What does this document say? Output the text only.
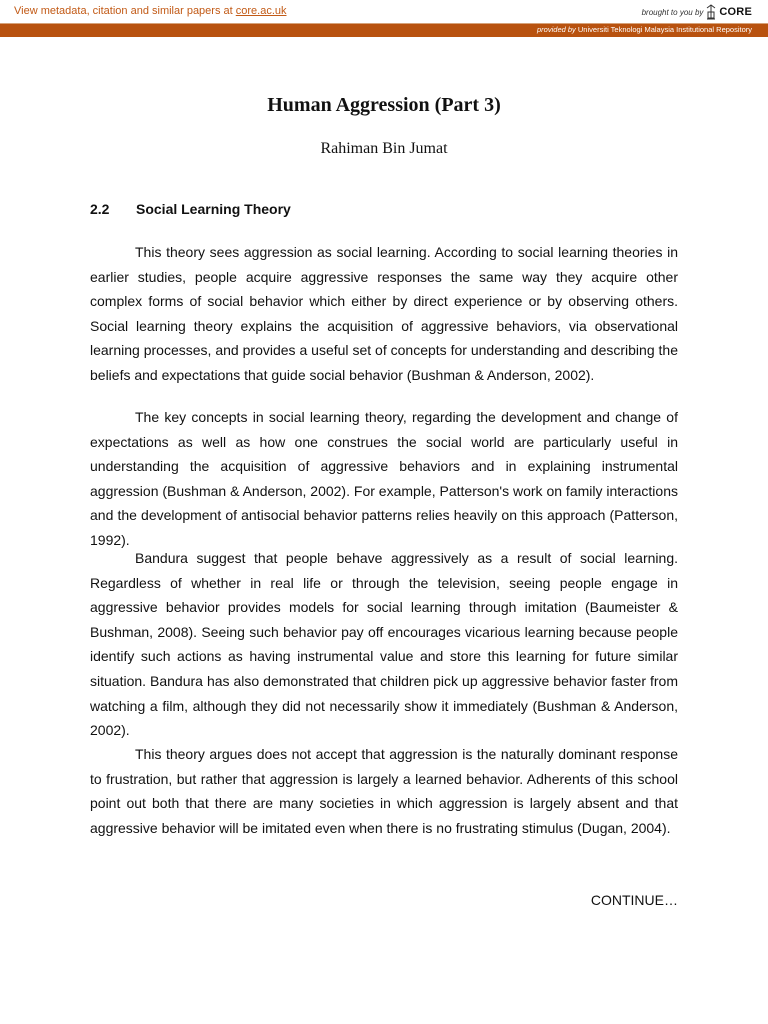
View metadata, citation and similar papers at core.ac.uk	brought to you by CORE
provided by Universiti Teknologi Malaysia Institutional Repository
Human Aggression (Part 3)
Rahiman Bin Jumat
2.2 Social Learning Theory

This theory sees aggression as social learning. According to social learning theories in earlier studies, people acquire aggressive responses the same way they acquire other complex forms of social behavior which either by direct experience or by observing others. Social learning theory explains the acquisition of aggressive behaviors, via observational learning processes, and provides a useful set of concepts for understanding and describing the beliefs and expectations that guide social behavior (Bushman & Anderson, 2002).

The key concepts in social learning theory, regarding the development and change of expectations as well as how one construes the social world are particularly useful in understanding the acquisition of aggressive behaviors and in explaining instrumental aggression (Bushman & Anderson, 2002). For example, Patterson's work on family interactions and the development of antisocial behavior patterns relies heavily on this approach (Patterson, 1992).

Bandura suggest that people behave aggressively as a result of social learning. Regardless of whether in real life or through the television, seeing people engage in aggressive behavior provides models for social learning through imitation (Baumeister & Bushman, 2008). Seeing such behavior pay off encourages vicarious learning because people identify such actions as having instrumental value and store this learning for future similar situation. Bandura has also demonstrated that children pick up aggressive behavior faster from watching a film, although they did not necessarily show it immediately (Bushman & Anderson, 2002).

This theory argues does not accept that aggression is the naturally dominant response to frustration, but rather that aggression is largely a learned behavior. Adherents of this school point out both that there are many societies in which aggression is largely absent and that aggressive behavior will be imitated even when there is no frustrating stimulus (Dugan, 2004).

CONTINUE…
